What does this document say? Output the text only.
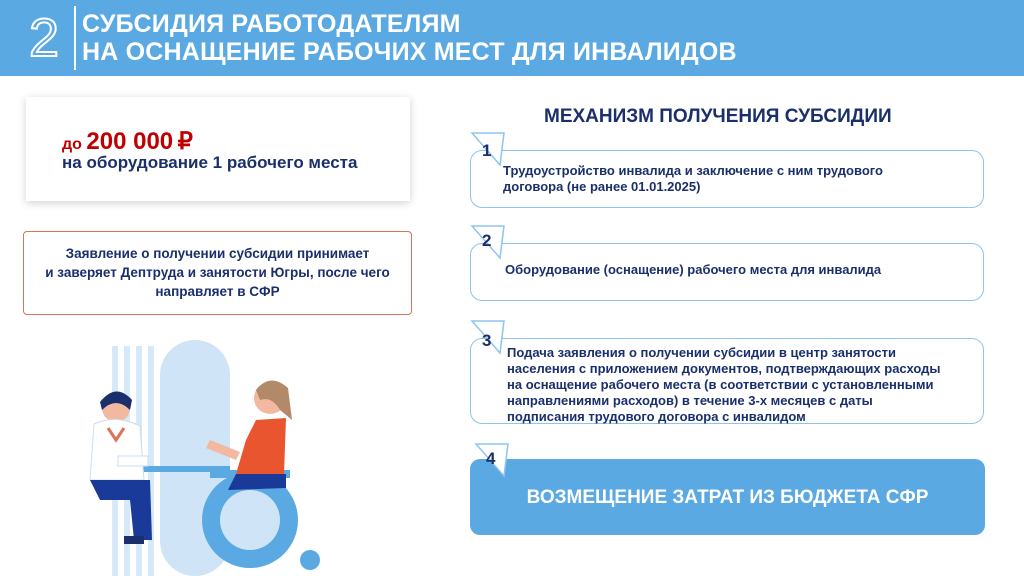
2 СУБСИДИЯ РАБОТОДАТЕЛЯМ
НА ОСНАЩЕНИЕ РАБОЧИХ МЕСТ ДЛЯ ИНВАЛИДОВ
до 200 000 ₽
на оборудование 1 рабочего места
Заявление о получении субсидии принимает
и заверяет Дептруда и занятости Югры, после чего
направляет в СФР
МЕХАНИЗМ ПОЛУЧЕНИЯ СУБСИДИИ
Трудоустройство инвалида и заключение с ним трудового
договора (не ранее 01.01.2025)
1
Оборудование (оснащение) рабочего места для инвалида
2
Подача заявления о получении субсидии в центр занятости
населения с приложением документов, подтверждающих расходы
на оснащение рабочего места (в соответствии с установленными
направлениями расходов) в течение 3-х месяцев с даты
подписания трудового договора с инвалидом
3
ВОЗМЕЩЕНИЕ ЗАТРАТ ИЗ БЮДЖЕТА СФР
4
